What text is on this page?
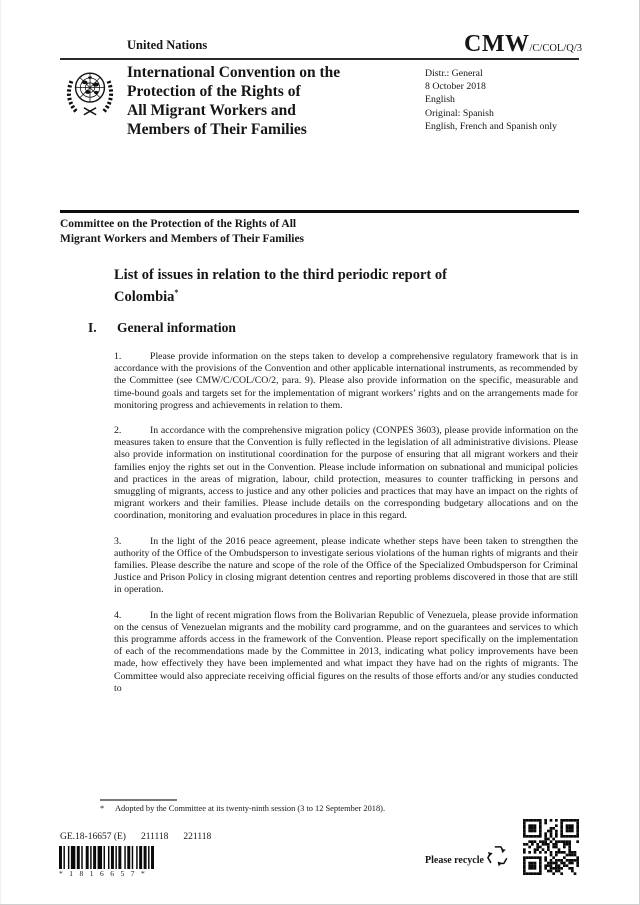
United Nations	CMW /C/COL/Q/3
International Convention on the
Protection of the Rights of
All Migrant Workers and
Members of Their Families
Distr.: General
8 October 2018
English
Original: Spanish
English, French and Spanish only
Committee on the Protection of the Rights of All
Migrant Workers and Members of Their Families
List of issues in relation to the third periodic report of
Colombia*
I. General information
1.	Please provide information on the steps taken to develop a comprehensive regulatory framework that is in accordance with the provisions of the Convention and other applicable international instruments, as recommended by the Committee (see CMW/C/COL/CO/2, para. 9). Please also provide information on the specific, measurable and time-bound goals and targets set for the implementation of migrant workers’ rights and on the arrangements made for monitoring progress and achievements in relation to them.
2.	In accordance with the comprehensive migration policy (CONPES 3603), please provide information on the measures taken to ensure that the Convention is fully reflected in the legislation of all administrative divisions. Please also provide information on institutional coordination for the purpose of ensuring that all migrant workers and their families enjoy the rights set out in the Convention. Please include information on subnational and municipal policies and practices in the areas of migration, labour, child protection, measures to counter trafficking in persons and smuggling of migrants, access to justice and any other policies and practices that may have an impact on the rights of migrant workers and their families. Please include details on the corresponding budgetary allocations and on the coordination, monitoring and evaluation procedures in place in this regard.
3.	In the light of the 2016 peace agreement, please indicate whether steps have been taken to strengthen the authority of the Office of the Ombudsperson to investigate serious violations of the human rights of migrants and their families. Please describe the nature and scope of the role of the Office of the Specialized Ombudsperson for Criminal Justice and Prison Policy in closing migrant detention centres and reporting problems discovered in those that are still in operation.
4.	In the light of recent migration flows from the Bolivarian Republic of Venezuela, please provide information on the census of Venezuelan migrants and the mobility card programme, and on the guarantees and services to which this programme affords access in the framework of the Convention. Please report specifically on the implementation of each of the recommendations made by the Committee in 2013, indicating what policy improvements have been made, how effectively they have been implemented and what impact they have had on the rights of migrants. The Committee would also appreciate receiving official figures on the results of those efforts and/or any studies conducted to
* Adopted by the Committee at its twenty-ninth session (3 to 12 September 2018).
GE.18-16657 (E) 211118 221118
*1816657*
Please recycle
